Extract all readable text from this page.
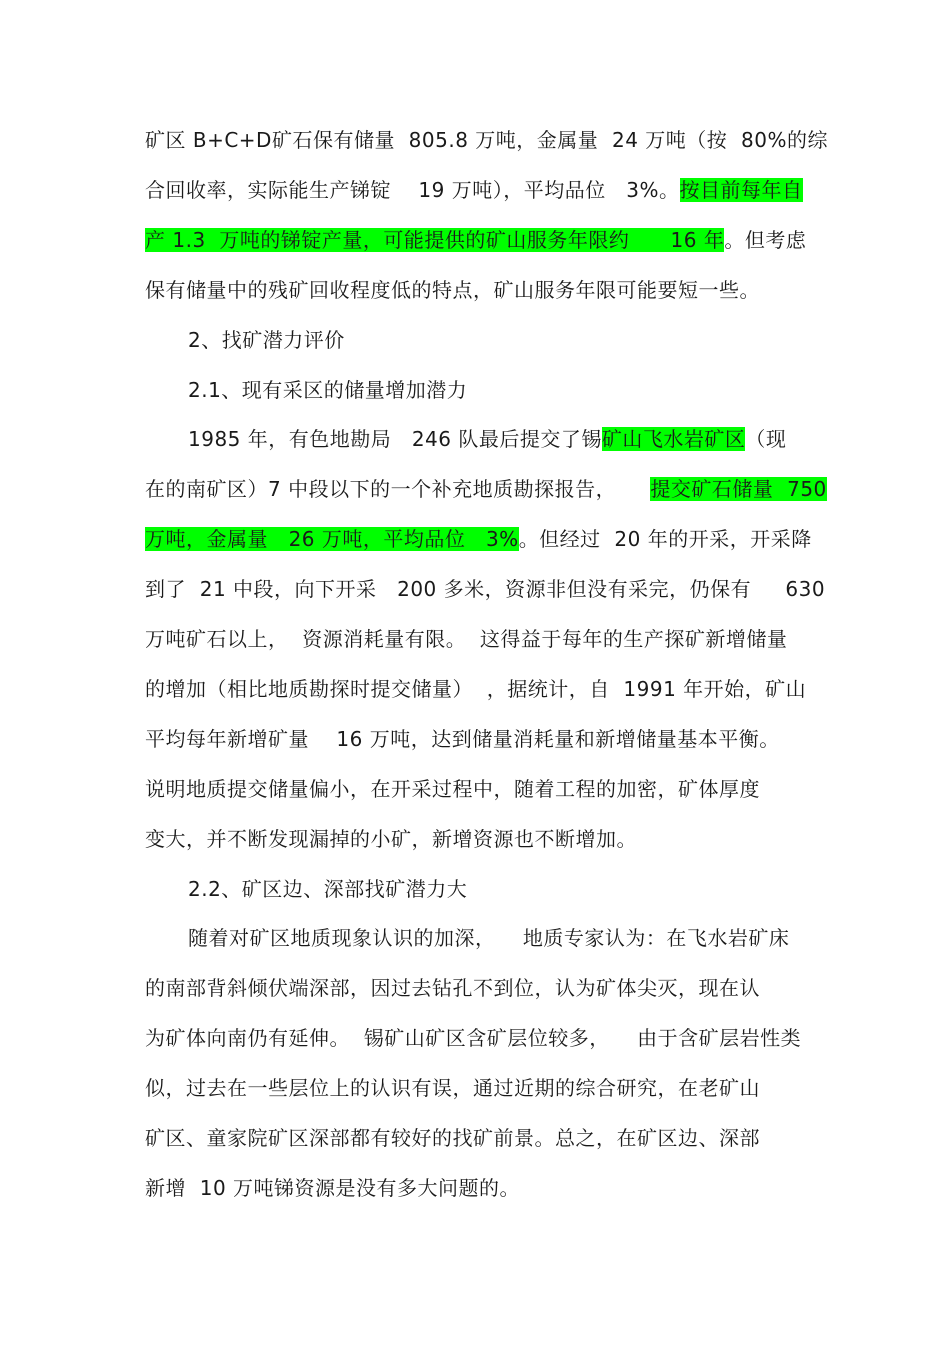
矿区 B+C+D矿石保有储量  805.8 万吨，金属量  24 万吨（按  80%的综
合回收率，实际能生产锑锭    19 万吨），平均品位   3%。按目前每年自
产 1.3  万吨的锑锭产量，可能提供的矿山服务年限约      16 年。但考虑
保有储量中的残矿回收程度低的特点，矿山服务年限可能要短一些。
2、找矿潜力评价
2.1、现有采区的储量增加潜力
1985 年，有色地勘局   246 队最后提交了锡矿山飞水岩矿区（现
在的南矿区）7 中段以下的一个补充地质勘探报告，     提交矿石储量  750
万吨，金属量   26 万吨，平均品位   3%。但经过  20 年的开采，开采降
到了  21 中段，向下开采   200 多米，资源非但没有采完，仍保有     630
万吨矿石以上，  资源消耗量有限。  这得益于每年的生产探矿新增储量
的增加（相比地质勘探时提交储量）  ，据统计，自  1991 年开始，矿山
平均每年新增矿量    16 万吨，达到储量消耗量和新增储量基本平衡。
说明地质提交储量偏小，在开采过程中，随着工程的加密，矿体厚度
变大，并不断发现漏掉的小矿，新增资源也不断增加。
2.2、矿区边、深部找矿潜力大
随着对矿区地质现象认识的加深，    地质专家认为：在飞水岩矿床
的南部背斜倾伏端深部，因过去钻孔不到位，认为矿体尖灭，现在认
为矿体向南仍有延伸。  锡矿山矿区含矿层位较多，    由于含矿层岩性类
似，过去在一些层位上的认识有误，通过近期的综合研究，在老矿山
矿区、童家院矿区深部都有较好的找矿前景。总之，在矿区边、深部
新增  10 万吨锑资源是没有多大问题的。
